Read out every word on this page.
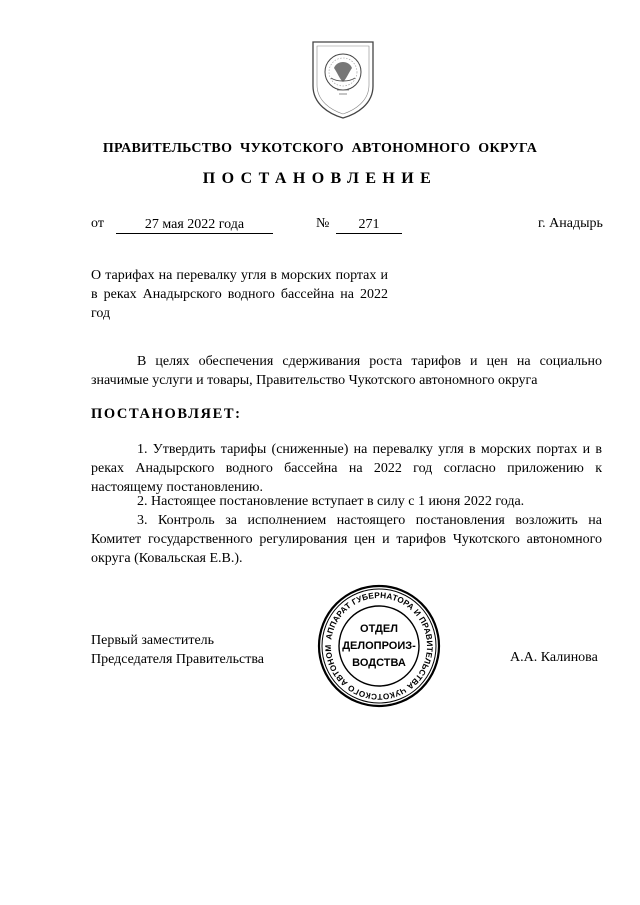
ПРАВИТЕЛЬСТВО ЧУКОТСКОГО АВТОНОМНОГО ОКРУГА
ПОСТАНОВЛЕНИЕ
от	27 мая 2022 года	№	271	г. Анадырь
О тарифах на перевалку угля в морских портах и в реках Анадырского водного бассейна на 2022 год
В целях обеспечения сдерживания роста тарифов и цен на социально значимые услуги и товары, Правительство Чукотского автономного округа
ПОСТАНОВЛЯЕТ:
1. Утвердить тарифы (сниженные) на перевалку угля в морских портах и в реках Анадырского водного бассейна на 2022 год согласно приложению к настоящему постановлению.
2. Настоящее постановление вступает в силу с 1 июня 2022 года.
3. Контроль за исполнением настоящего постановления возложить на Комитет государственного регулирования цен и тарифов Чукотского автономного округа (Ковальская Е.В.).
Первый заместитель
Председателя Правительства	А.А. Калинова
АППАРАТ ГУБЕРНАТОРА И ПРАВИТЕЛЬСТВА ЧУКОТСКОГО АВТОНОМ
ОТДЕЛ
ДЕЛОПРОИЗ-
ВОДСТВА
